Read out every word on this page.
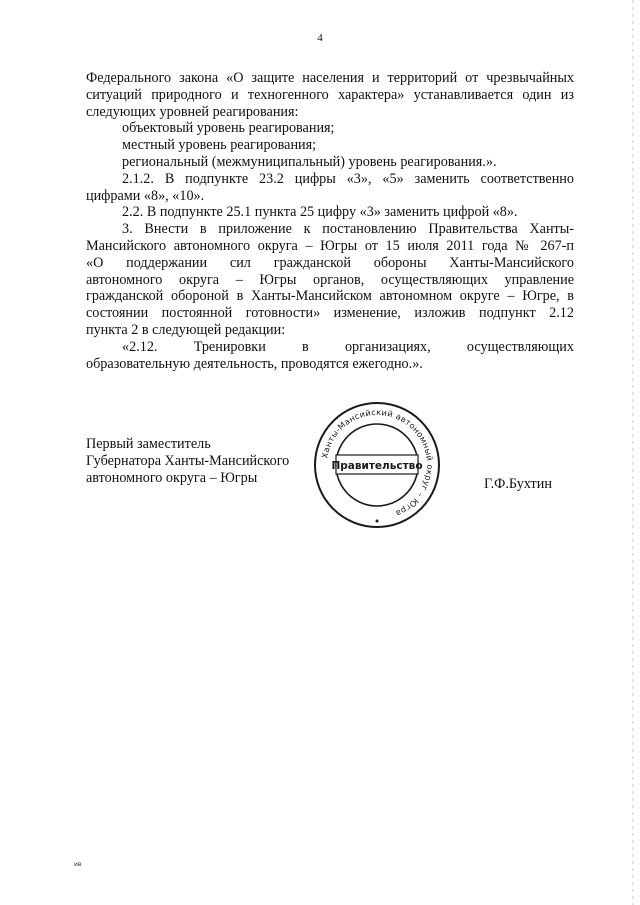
4

Федерального закона «О защите населения и территорий от чрезвычайных

ситуаций природного и техногенного характера» устанавливается один из

следующих уровней реагирования:

объектовый уровень реагирования;

местный уровень реагирования;

региональный (межмуниципальный) уровень реагирования.».

2.1.2. В подпункте 23.2 цифры «3», «5» заменить соответственно

цифрами «8», «10».

2.2. В подпункте 25.1 пункта 25 цифру «3» заменить цифрой «8».

3. Внести в приложение к постановлению Правительства Ханты-

Мансийского автономного округа – Югры от 15 июля 2011 года № 267-п

«О поддержании сил гражданской обороны Ханты-Мансийского

автономного округа – Югры органов, осуществляющих управление

гражданской обороной в Ханты-Мансийском автономном округе – Югре, в

состоянии постоянной готовности» изменение, изложив подпункт 2.12

пункта 2 в следующей редакции:

«2.12. Тренировки в организациях, осуществляющих

образовательную деятельность, проводятся ежегодно.».

Первый заместитель
Губернатора Ханты-Мансийского
автономного округа – Югры
Ханты-Мансийский автономный округ – Югра
Правительство
Г.Ф.Бухтин
ив
